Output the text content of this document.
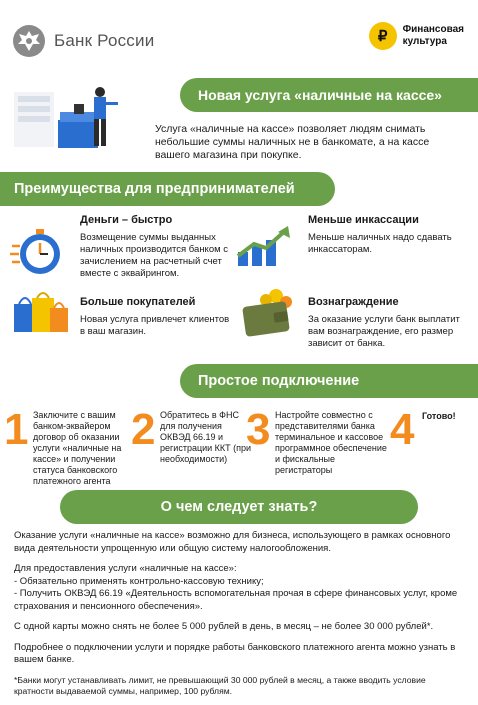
Банк России	₽	Финансовая
культура
Новая услуга «наличные на кассе»
Услуга «наличные на кассе» позволяет людям снимать небольшие суммы наличных не в банкомате, а на кассе вашего магазина при покупке.
Преимущества для предпринимателей
Деньги – быстро
Возмещение суммы выданных наличных производится банком с зачислением на расчетный счет вместе с эквайрингом.
Меньше инкассации
Меньше наличных надо сдавать инкассаторам.
Больше покупателей
Новая услуга привлечет клиентов в ваш магазин.
Вознаграждение
За оказание услуги банк выплатит вам вознаграждение, его размер зависит от банка.
Простое подключение
1 Заключите с вашим банком-эквайером договор об оказании услуги «наличные на кассе» и получении статуса банковского платежного агента
2 Обратитесь в ФНС для получения ОКВЭД 66.19 и регистрации ККТ (при необходимости)
3 Настройте совместно с представителями банка терминальное и кассовое программное обеспечение и фискальные регистраторы
4 Готово!
О чем следует знать?

Оказание услуги «наличные на кассе» возможно для бизнеса, использующего в рамках основного вида деятельности упрощенную или общую систему налогообложения.

Для предоставления услуги «наличные на кассе»:
- Обязательно применять контрольно-кассовую технику;
- Получить ОКВЭД 66.19 «Деятельность вспомогательная прочая в сфере финансовых услуг, кроме страхования и пенсионного обеспечения».

С одной карты можно снять не более 5 000 рублей в день, в месяц – не более 30 000 рублей*.

Подробнее о подключении услуги и порядке работы банковского платежного агента можно узнать в вашем банке.

*Банки могут устанавливать лимит, не превышающий 30 000 рублей в месяц, а также вводить условие кратности выдаваемой суммы, например, 100 рублям.
